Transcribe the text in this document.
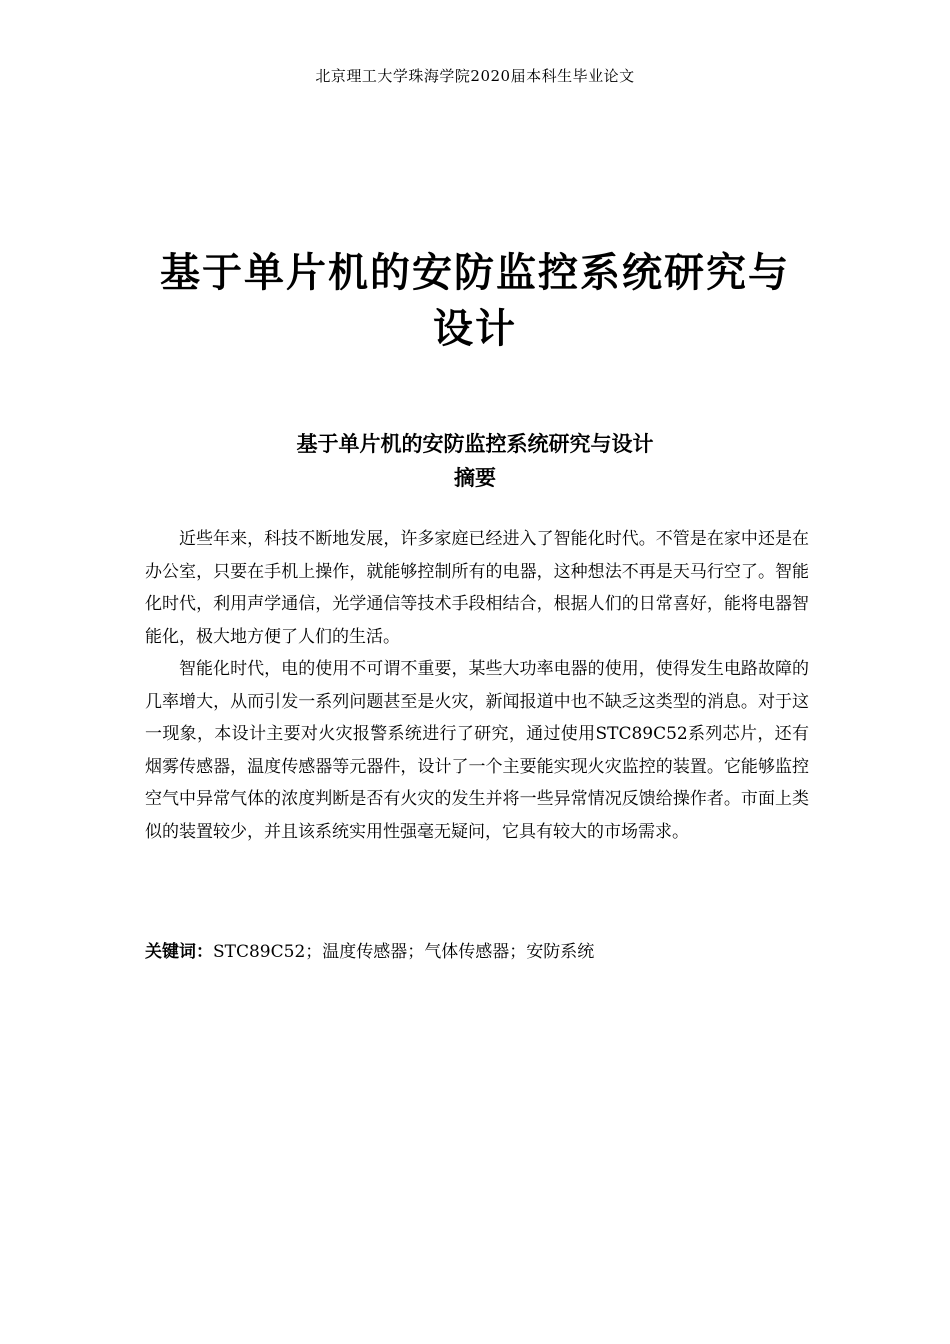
北京理工大学珠海学院2020届本科生毕业论文
基于单片机的安防监控系统研究与
设计
基于单片机的安防监控系统研究与设计
摘要

近些年来，科技不断地发展，许多家庭已经进入了智能化时代。不管是在家中还是在办公室，只要在手机上操作，就能够控制所有的电器，这种想法不再是天马行空了。智能化时代，利用声学通信，光学通信等技术手段相结合，根据人们的日常喜好，能将电器智能化，极大地方便了人们的生活。

智能化时代，电的使用不可谓不重要，某些大功率电器的使用，使得发生电路故障的几率增大，从而引发一系列问题甚至是火灾，新闻报道中也不缺乏这类型的消息。对于这一现象，本设计主要对火灾报警系统进行了研究，通过使用STC89C52系列芯片，还有烟雾传感器，温度传感器等元器件，设计了一个主要能实现火灾监控的装置。它能够监控空气中异常气体的浓度判断是否有火灾的发生并将一些异常情况反馈给操作者。市面上类似的装置较少，并且该系统实用性强毫无疑问，它具有较大的市场需求。

关键词：STC89C52；温度传感器；气体传感器；安防系统
